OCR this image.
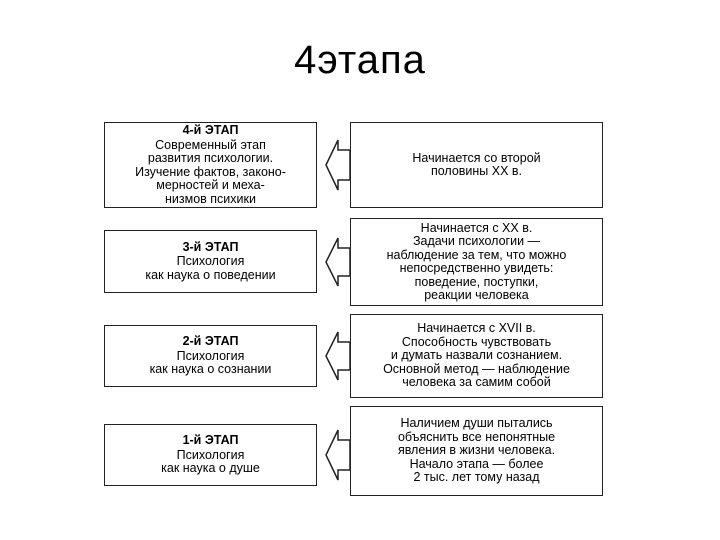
4этапа
4-й ЭТАП
Современный этап
развития психологии.
Изучение фактов, законо-
мерностей и меха-
низмов психики
Начинается со второй
половины XX в.
3-й ЭТАП
Психология
как наука о поведении
Начинается с XX в.
Задачи психологии —
наблюдение за тем, что можно
непосредственно увидеть:
поведение, поступки,
реакции человека
2-й ЭТАП
Психология
как наука о сознании
Начинается с XVII в.
Способность чувствовать
и думать назвали сознанием.
Основной метод — наблюдение
человека за самим собой
1-й ЭТАП
Психология
как наука о душе
Наличием души пытались
объяснить все непонятные
явления в жизни человека.
Начало этапа — более
2 тыс. лет тому назад
